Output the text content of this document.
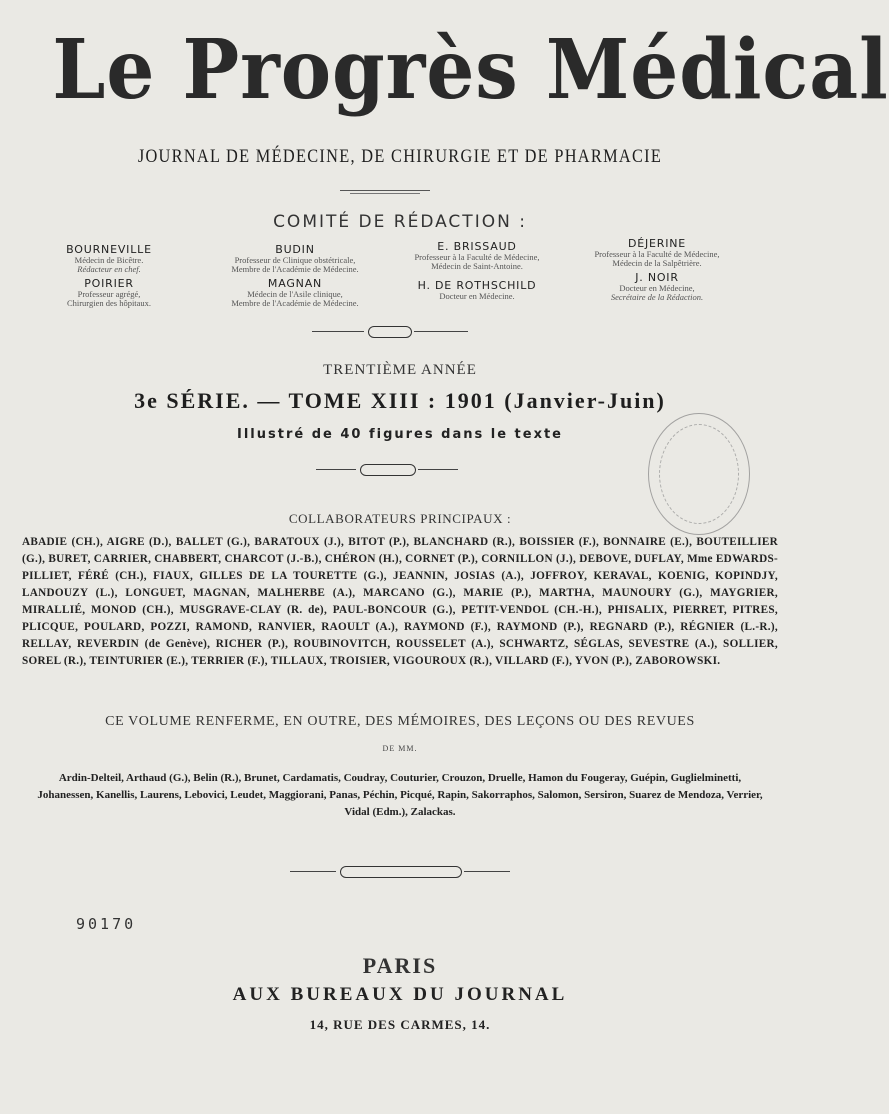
Le Progrès Médical
JOURNAL DE MÉDECINE, DE CHIRURGIE ET DE PHARMACIE
COMITÉ DE RÉDACTION :
BOURNEVILLE
Médecin de Bicêtre.
Rédacteur en chef.
POIRIER
Professeur agrégé,
Chirurgien des hôpitaux.
BUDIN
Professeur de Clinique obstétricale,
Membre de l'Académie de Médecine.
MAGNAN
Médecin de l'Asile clinique,
Membre de l'Académie de Médecine.
E. BRISSAUD
Professeur à la Faculté de Médecine,
Médecin de Saint-Antoine.
H. DE ROTHSCHILD
Docteur en Médecine.
DÉJERINE
Professeur à la Faculté de Médecine,
Médecin de la Salpêtrière.
J. NOIR
Docteur en Médecine,
Secrétaire de la Rédaction.
TRENTIÈME ANNÉE
3e SÉRIE. — TOME XIII : 1901 (Janvier-Juin)
Illustré de 40 figures dans le texte
COLLABORATEURS PRINCIPAUX :
ABADIE (CH.), AIGRE (D.), BALLET (G.), BARATOUX (J.), BITOT (P.), BLANCHARD (R.), BOISSIER (F.), BONNAIRE (E.), BOUTEILLIER (G.), BURET, CARRIER, CHABBERT, CHARCOT (J.-B.), CHÉRON (H.), CORNET (P.), CORNILLON (J.), DEBOVE, DUFLAY, Mme EDWARDS-PILLIET, FÉRÉ (CH.), FIAUX, GILLES DE LA TOURETTE (G.), JEANNIN, JOSIAS (A.), JOFFROY, KERAVAL, KOENIG, KOPINDJY, LANDOUZY (L.), LONGUET, MAGNAN, MALHERBE (A.), MARCANO (G.), MARIE (P.), MARTHA, MAUNOURY (G.), MAYGRIER, MIRALLIÉ, MONOD (CH.), MUSGRAVE-CLAY (R. de), PAUL-BONCOUR (G.), PETIT-VENDOL (CH.-H.), PHISALIX, PIERRET, PITRES, PLICQUE, POULARD, POZZI, RAMOND, RANVIER, RAOULT (A.), RAYMOND (F.), RAYMOND (P.), REGNARD (P.), RÉGNIER (L.-R.), RELLAY, REVERDIN (de Genève), RICHER (P.), ROUBINOVITCH, ROUSSELET (A.), SCHWARTZ, SÉGLAS, SEVESTRE (A.), SOLLIER, SOREL (R.), TEINTURIER (E.), TERRIER (F.), TILLAUX, TROISIER, VIGOUROUX (R.), VILLARD (F.), YVON (P.), ZABOROWSKI.
CE VOLUME RENFERME, EN OUTRE, DES MÉMOIRES, DES LEÇONS OU DES REVUES
DE MM.
Ardin-Delteil, Arthaud (G.), Belin (R.), Brunet, Cardamatis, Coudray, Couturier, Crouzon, Druelle, Hamon du Fougeray, Guépin, Guglielminetti, Johanessen, Kanellis, Laurens, Lebovici, Leudet, Maggiorani, Panas, Péchin, Picqué, Rapin, Sakorraphos, Salomon, Sersiron, Suarez de Mendoza, Verrier, Vidal (Edm.), Zalackas.
90170
PARIS
AUX BUREAUX DU JOURNAL
14, RUE DES CARMES, 14.
